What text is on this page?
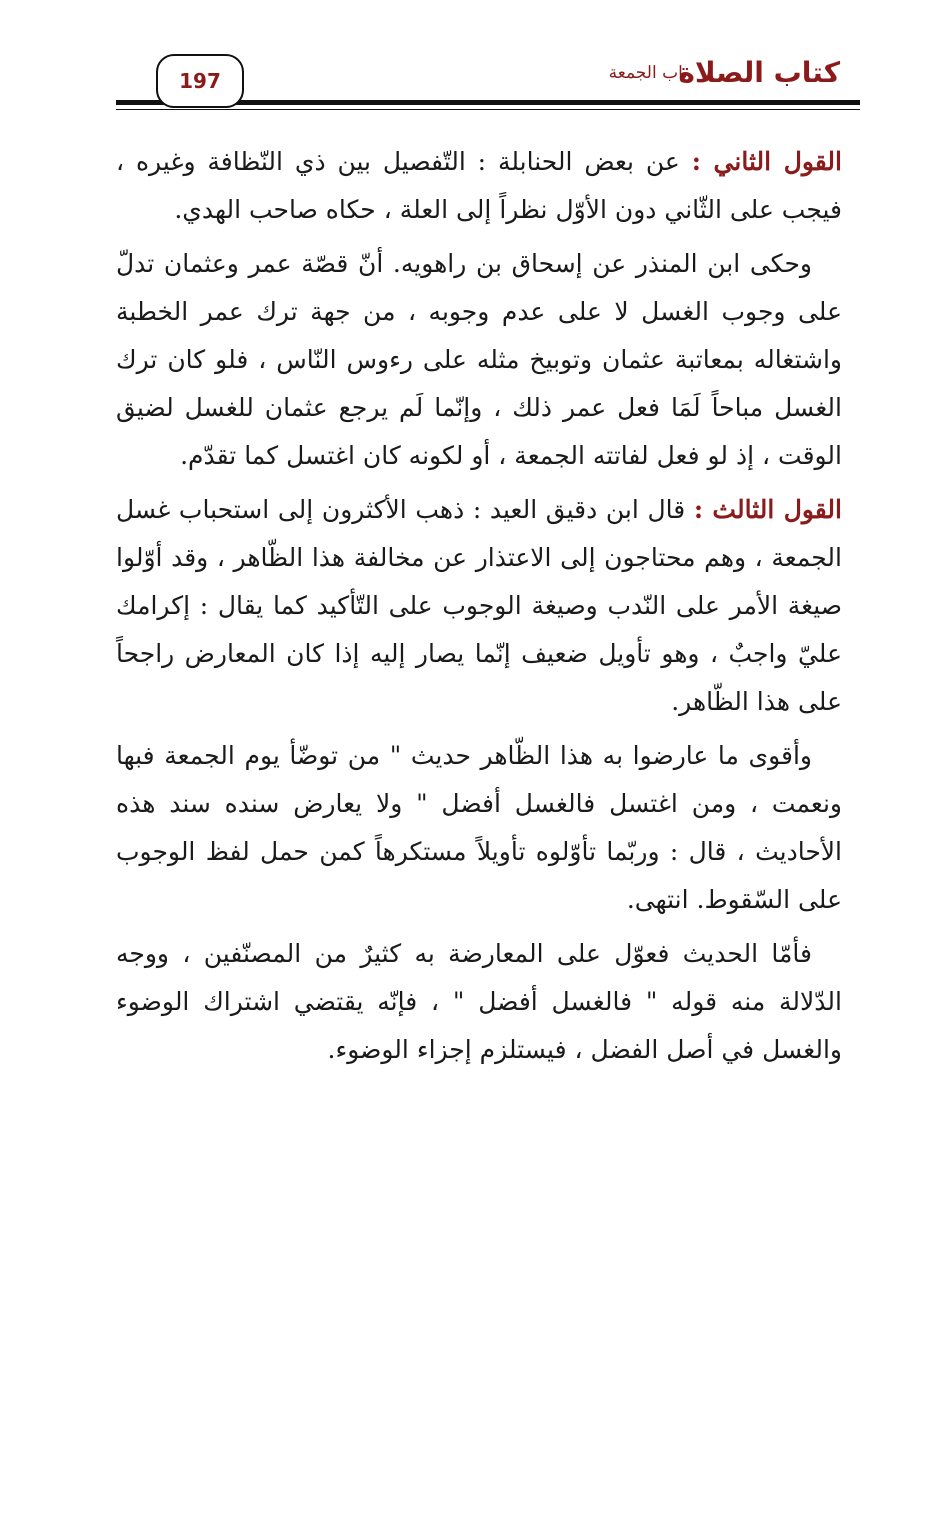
197	باب الجمعة
كتاب الصلاة

القول الثاني : عن بعض الحنابلة : التّفصيل بين ذي النّظافة وغيره ، فيجب على الثّاني دون الأوّل نظراً إلى العلة ، حكاه صاحب الهدي.

وحكى ابن المنذر عن إسحاق بن راهويه. أنّ قصّة عمر وعثمان تدلّ على وجوب الغسل لا على عدم وجوبه ، من جهة ترك عمر الخطبة واشتغاله بمعاتبة عثمان وتوبيخ مثله على رءوس النّاس ، فلو كان ترك الغسل مباحاً لَمَا فعل عمر ذلك ، وإنّما لَم يرجع عثمان للغسل لضيق الوقت ، إذ لو فعل لفاتته الجمعة ، أو لكونه كان اغتسل كما تقدّم.

القول الثالث : قال ابن دقيق العيد : ذهب الأكثرون إلى استحباب غسل الجمعة ، وهم محتاجون إلى الاعتذار عن مخالفة هذا الظّاهر ، وقد أوّلوا صيغة الأمر على النّدب وصيغة الوجوب على التّأكيد كما يقال : إكرامك عليّ واجبٌ ، وهو تأويل ضعيف إنّما يصار إليه إذا كان المعارض راجحاً على هذا الظّاهر.

وأقوى ما عارضوا به هذا الظّاهر حديث " من توضّأ يوم الجمعة فبها ونعمت ، ومن اغتسل فالغسل أفضل " ولا يعارض سنده سند هذه الأحاديث ، قال : وربّما تأوّلوه تأويلاً مستكرهاً كمن حمل لفظ الوجوب على السّقوط. انتهى.

فأمّا الحديث فعوّل على المعارضة به كثيرٌ من المصنّفين ، ووجه الدّلالة منه قوله " فالغسل أفضل " ، فإنّه يقتضي اشتراك الوضوء والغسل في أصل الفضل ، فيستلزم إجزاء الوضوء.
